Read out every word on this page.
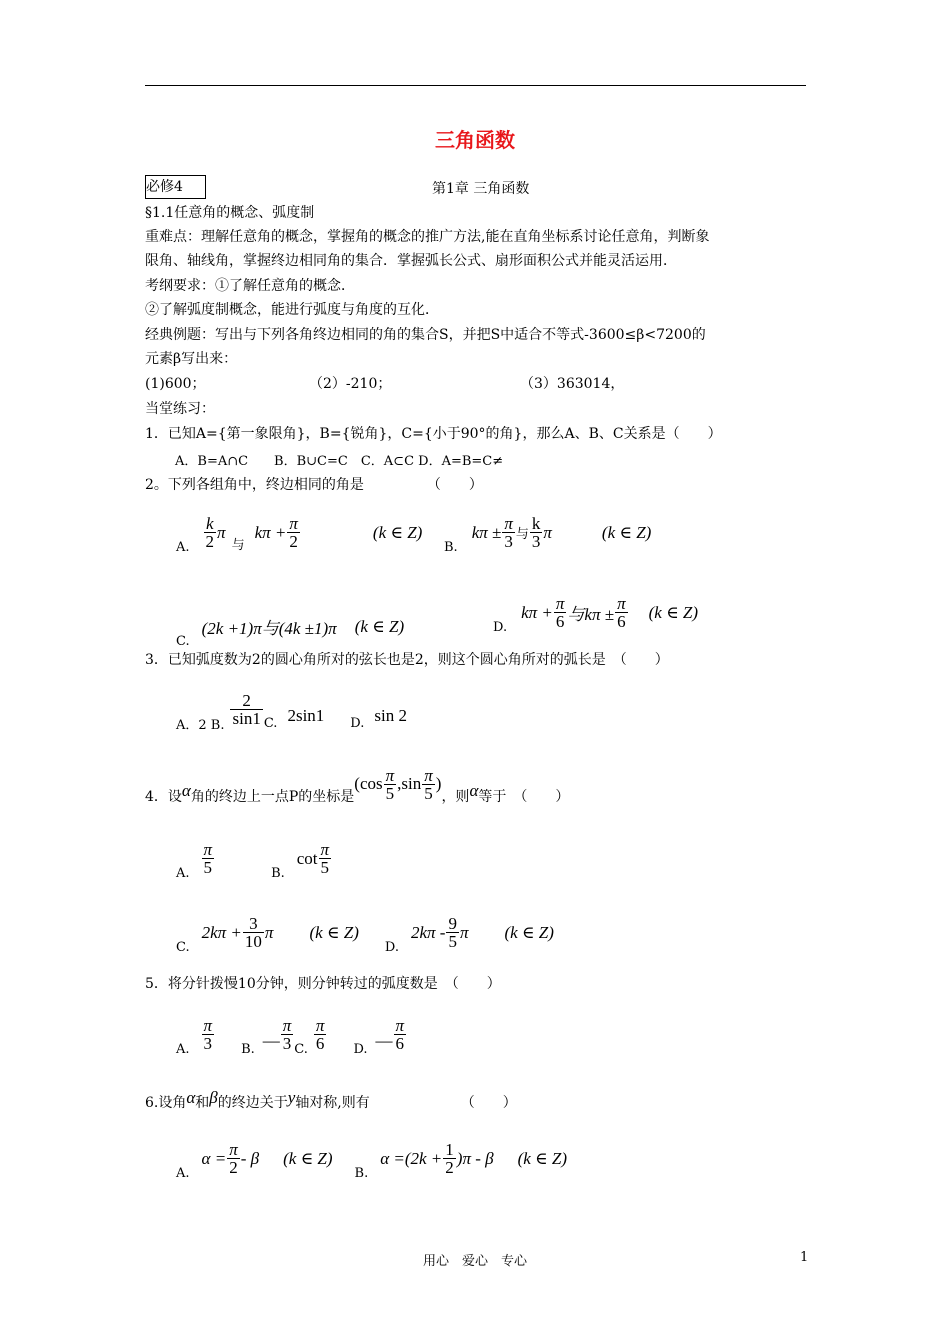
三角函数
必修4	第1章 三角函数
§1.1任意角的概念、弧度制
重难点：理解任意角的概念，掌握角的概念的推广方法,能在直角坐标系讨论任意角，判断象
限角、轴线角，掌握终边相同角的集合．掌握弧长公式、扇形面积公式并能灵活运用．
考纲要求：①了解任意角的概念．
②了解弧度制概念，能进行弧度与角度的互化．
经典例题：写出与下列各角终边相同的角的集合S，并把S中适合不等式-3600≤β<7200的
元素β写出来：
(1)600；	（2）-210；	（3）363014，
当堂练习：
1．已知A={第一象限角}，B={锐角}，C={小于90°的角}，那么A、B、C关系是（　　）
A．B=A∩C　　B．B∪C=C　C．A⊂C D．A=B=C≠
2。下列各组角中，终边相同的角是　　　　　（　　）
A. $\frac{k}{2}$ π
与
$k\pi + \frac{\pi}{2}$	(k ∈ Z)
B.
$k\pi \pm \frac{\pi}{3}$ 与 $\frac{k}{3}$ π	(k ∈ Z)
C.
(2k +1)π与(4k ±1)π (k ∈ Z)	D.
$k\pi + \frac{\pi}{6}$ 与$k\pi \pm \frac{\pi}{6} (k$ ∈ Z)
3．已知弧度数为2的圆心角所对的弦长也是2，则这个圆心角所对的弧长是　（　　）
A．2 B. $\frac{2}{\sin 1} C$. 2sin1 D. sin 2
4．设 α 角的终边上一点P的坐标是
($\cos \frac{\pi}{5} ,\sin \frac{\pi}{5}$ )
，则 α 等于　（　　）
A. $\frac{\pi}{5}$	B.
$\cot \frac{\pi}{5}$
C.
$2k\pi + \frac{3}{10}$ π (k ∈ Z)
D.
$2k\pi - \frac{9}{5}$ π (k ∈ Z)
5．将分针拨慢10分钟，则分钟转过的弧度数是　（　　）
A. $\frac{\pi}{3} B$. — $\frac{\pi}{3} C$. $\frac{\pi}{6} D$. — $\frac{\pi}{6}$
6.设角 α 和 β 的终边关于 y 轴对称,则有　　　　　　　（　　）
A.
$\alpha = \frac{\pi}{2} - \beta$ (k ∈ Z)
B.
$\alpha =(2k + \frac{1}{2} )\pi - \beta$ (k ∈ Z)
用心　爱心　专心	1
